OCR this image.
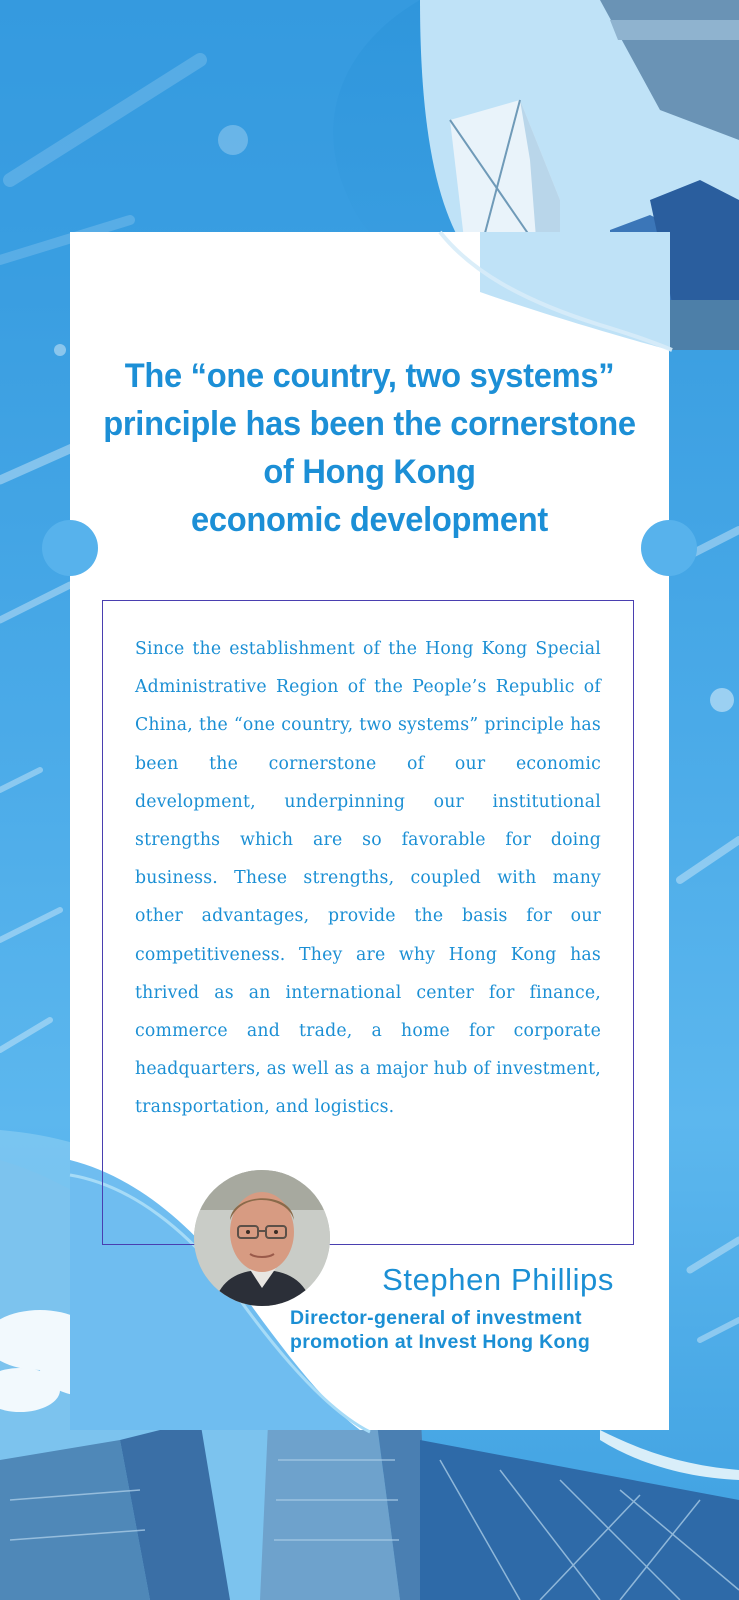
The “one country, two systems”
principle has been the cornerstone
of Hong Kong
economic development
Since the establishment of the Hong Kong Special Administrative Region of the People’s Republic of China, the “one country, two systems” principle has been the cornerstone of our economic development, underpinning our institutional strengths which are so favorable for doing business. These strengths, coupled with many other advantages, provide the basis for our competitiveness. They are why Hong Kong has thrived as an international center for finance, commerce and trade, a home for corporate headquarters, as well as a major hub of investment, transportation, and logistics.
Stephen Phillips
Director-general of investment
promotion at Invest Hong Kong
